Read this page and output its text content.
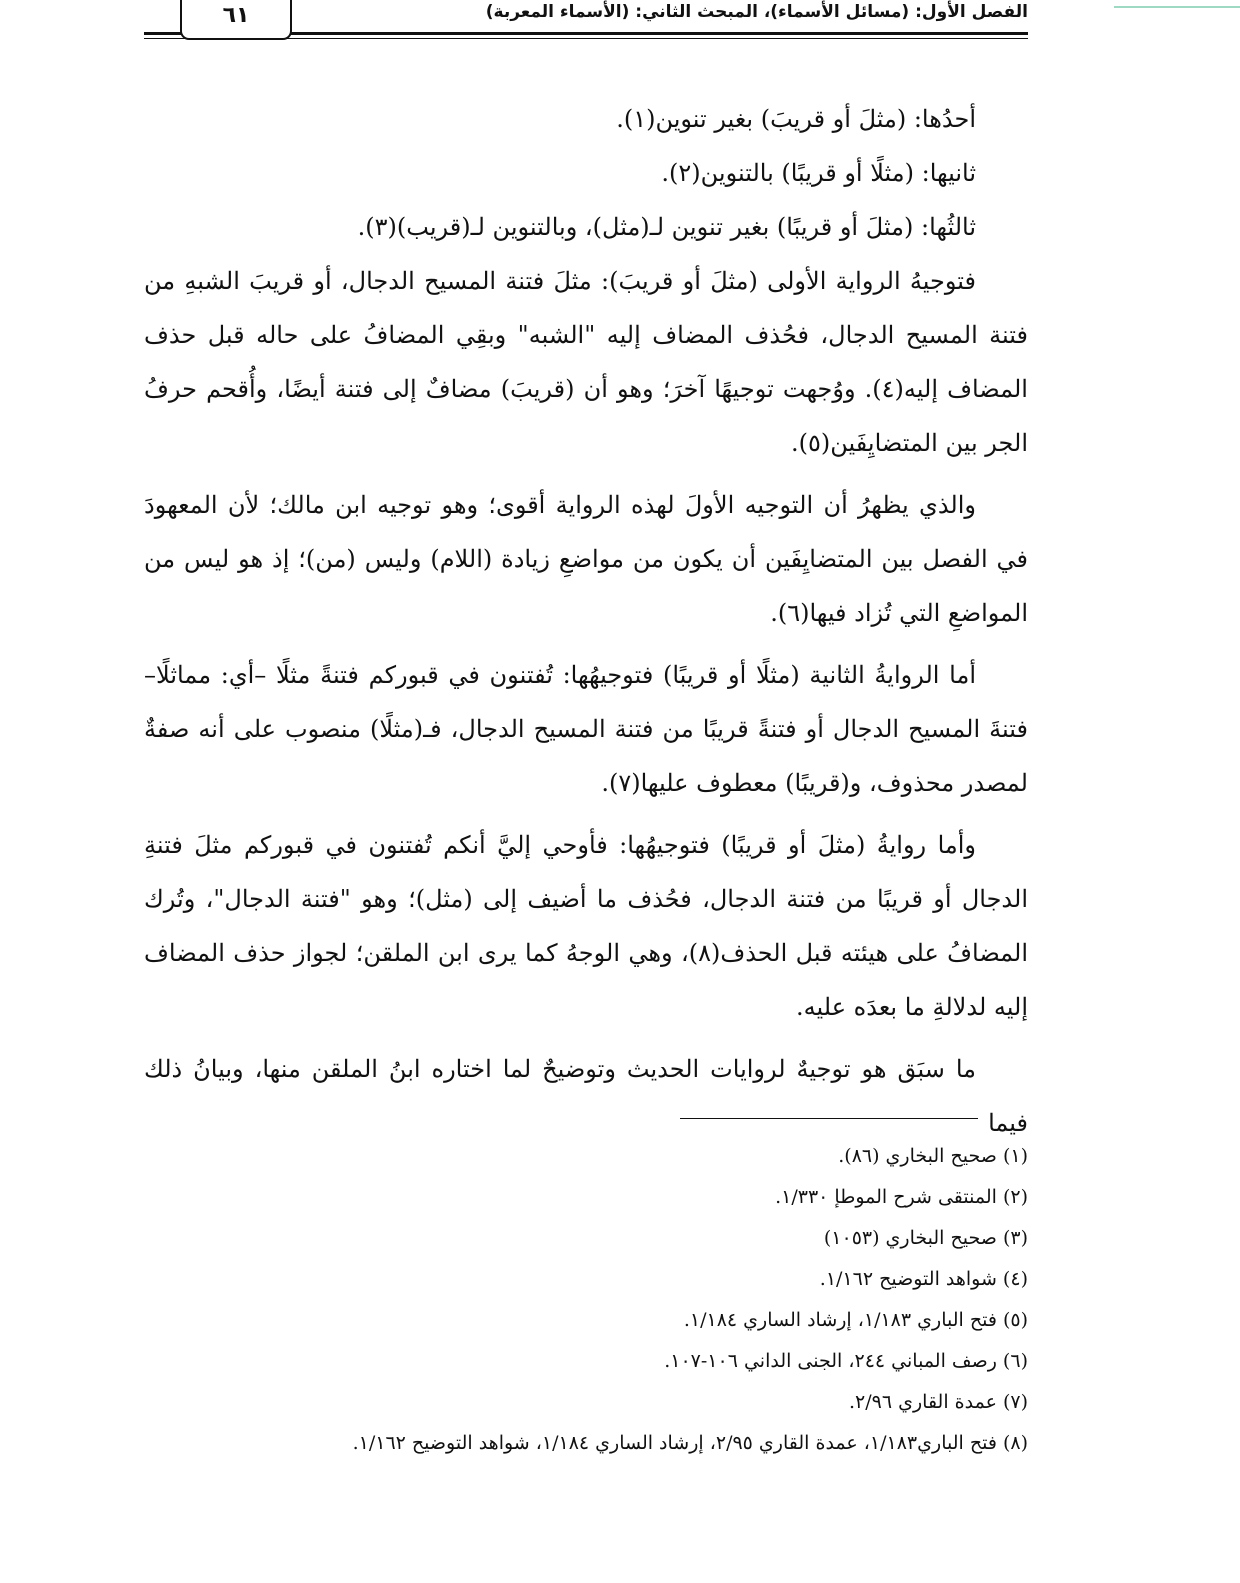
الفصل الأول: (مسائل الأسماء)، المبحث الثاني: (الأسماء المعربة)
٦١

أحدُها: (مثلَ أو قريبَ) بغير تنوين(١).

ثانيها: (مثلًا أو قريبًا) بالتنوين(٢).

ثالثُها: (مثلَ أو قريبًا) بغير تنوين لـ(مثل)، وبالتنوين لـ(قريب)(٣).

فتوجيهُ الرواية الأولى (مثلَ أو قريبَ): مثلَ فتنة المسيح الدجال، أو قريبَ الشبهِ من فتنة المسيح الدجال، فحُذف المضاف إليه "الشبه" وبقِي المضافُ على حاله قبل حذف المضاف إليه(٤). ووُجهت توجيهًا آخرَ؛ وهو أن (قريبَ) مضافٌ إلى فتنة أيضًا، وأُقحم حرفُ الجر بين المتضايِفَين(٥).

والذي يظهرُ أن التوجيه الأولَ لهذه الرواية أقوى؛ وهو توجيه ابن مالك؛ لأن المعهودَ في الفصل بين المتضايِفَين أن يكون من مواضعِ زيادة (اللام) وليس (من)؛ إذ هو ليس من المواضعِ التي تُزاد فيها(٦).

أما الروايةُ الثانية (مثلًا أو قريبًا) فتوجيهُها: تُفتنون في قبوركم فتنةً مثلًا –أي: مماثلًا– فتنةَ المسيح الدجال أو فتنةً قريبًا من فتنة المسيح الدجال، فـ(مثلًا) منصوب على أنه صفةٌ لمصدر محذوف، و(قريبًا) معطوف عليها(٧).

وأما روايةُ (مثلَ أو قريبًا) فتوجيهُها: فأوحي إليَّ أنكم تُفتنون في قبوركم مثلَ فتنةِ الدجال أو قريبًا من فتنة الدجال، فحُذف ما أضيف إلى (مثل)؛ وهو "فتنة الدجال"، وتُرك المضافُ على هيئته قبل الحذف(٨)، وهي الوجهُ كما يرى ابن الملقن؛ لجواز حذف المضاف إليه لدلالةِ ما بعدَه عليه.

ما سبَق هو توجيهٌ لروايات الحديث وتوضيحٌ لما اختاره ابنُ الملقن منها، وبيانُ ذلك فيما

(١) صحيح البخاري (٨٦).
(٢) المنتقى شرح الموطإ ١/٣٣٠.
(٣) صحيح البخاري (١٠٥٣)
(٤) شواهد التوضيح ١/١٦٢.
(٥) فتح الباري ١/١٨٣، إرشاد الساري ١/١٨٤.
(٦) رصف المباني ٢٤٤، الجنى الداني ١٠٦-١٠٧.
(٧) عمدة القاري ٢/٩٦.
(٨) فتح الباري١/١٨٣، عمدة القاري ٢/٩٥، إرشاد الساري ١/١٨٤، شواهد التوضيح ١/١٦٢.
